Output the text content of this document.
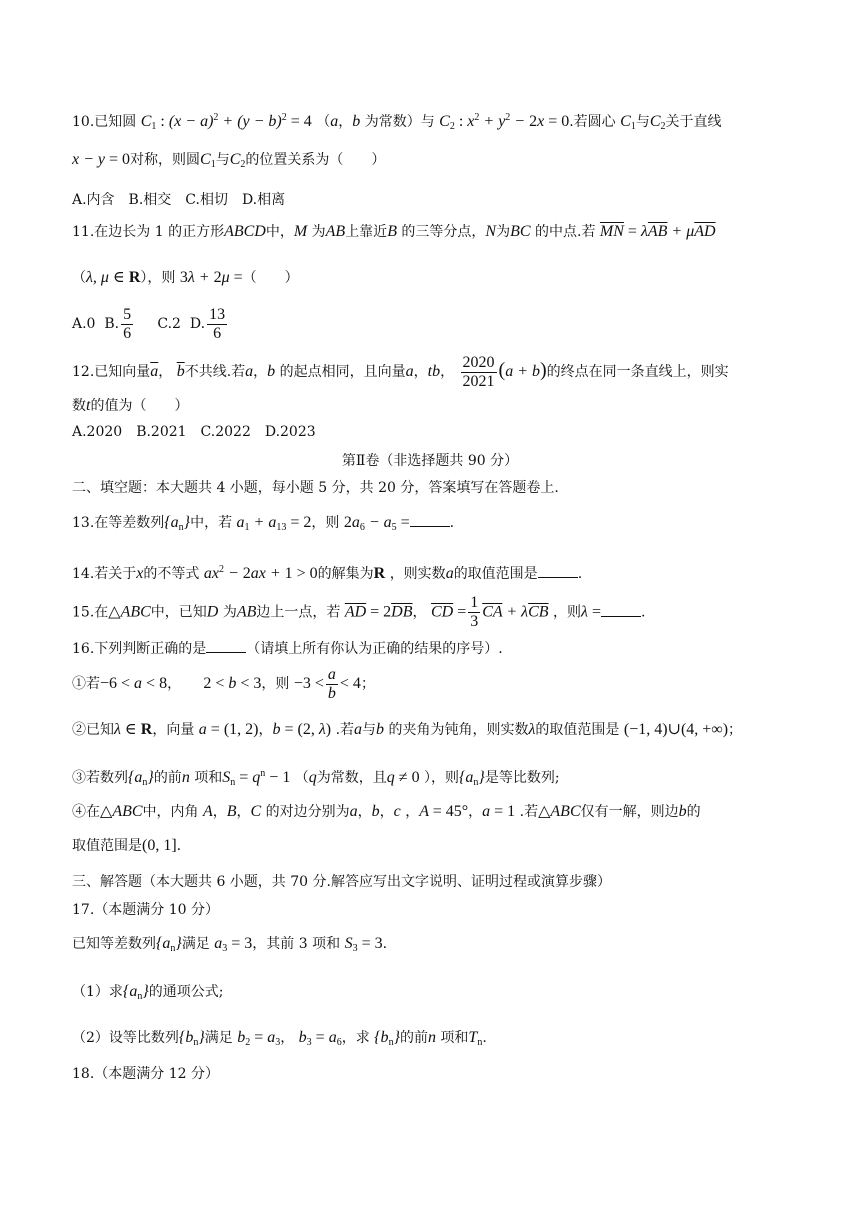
10.已知圆 $C_1$ : $(x - a)^2 + (y - b)^2 = 4$ （a，b 为常数）与 $C_2$ : $x^2 + y^2 - 2x = 0$.若圆心 $C_1$与$C_2$关于直线
x − y = 0对称，则圆$C_1$与$C_2$的位置关系为（　　）
A.内含　B.相交　C.相切　D.相离
11.在边长为 1 的正方形ABCD中，M 为AB上靠近B 的三等分点，N为BC 的中点.若 $\overline{MN} = \lambda\overline{AB} + \mu\overline{AD}$
（λ, μ ∈ R），则 3λ + 2μ =（　　）
A.0 B. $\frac{5}{6} C.2$ D. $\frac{13}{6}$
12.已知向量$\overline{a}$， $\overline{b}$不共线.若a，b 的起点相同，且向量a，tb， $\frac{2020}{2021} (a + b)$的终点在同一条直线上，则实
数t的值为（　　）
A.2020　B.2021　C.2022　D.2023
第Ⅱ卷（非选择题共 90 分）
二、填空题：本大题共 4 小题，每小题 5 分，共 20 分，答案填写在答题卷上.
13.在等差数列$\{a_n\}$中，若 $a_1 + a_{13} = 2$，则 $2a_6 - a_5$ =	.
14.若关于x的不等式 $ax^2 - 2ax + 1 > 0$的解集为R ，则实数a的取值范围是	.
15.在△ABC中，已知D 为AB边上一点，若 $\overline{AD} = 2\overline{DB}$， $\overline{CD} = \frac{1}{3} \overline{CA} + \lambda\overline{CB}$ ，则λ =	.
16.下列判断正确的是	（请填上所有你认为正确的结果的序号）.
①若−6 < a < 8， 2 < b < 3，则 $-3 < \frac{a}{b} < 4$；
②已知λ ∈ R，向量 a = (1, 2)，b = (2, λ) .若a与b 的夹角为钝角，则实数λ的取值范围是 (−1, 4)∪(4, +∞)；
③若数列$\{a_n\}$的前n 项和$S_n = q^n - 1$ （q为常数，且q ≠ 0 ），则$\{a_n\}$是等比数列;
④在△ABC中，内角 A，B，C 的对边分别为a，b，c ，A = 45°，a = 1 .若△ABC仅有一解，则边b的
取值范围是(0, 1].
三、解答题（本大题共 6 小题，共 70 分.解答应写出文字说明、证明过程或演算步骤）
17.（本题满分 10 分）
已知等差数列$\{a_n\}$满足 $a_3 = 3$，其前 3 项和 $S_3 = 3$.
（1）求$\{a_n\}$的通项公式;
（2）设等比数列$\{b_n\}$满足 $b_2 = a_3$， $b_3 = a_6$，求 $\{b_n\}$的前n 项和$T_n$.
18.（本题满分 12 分）
